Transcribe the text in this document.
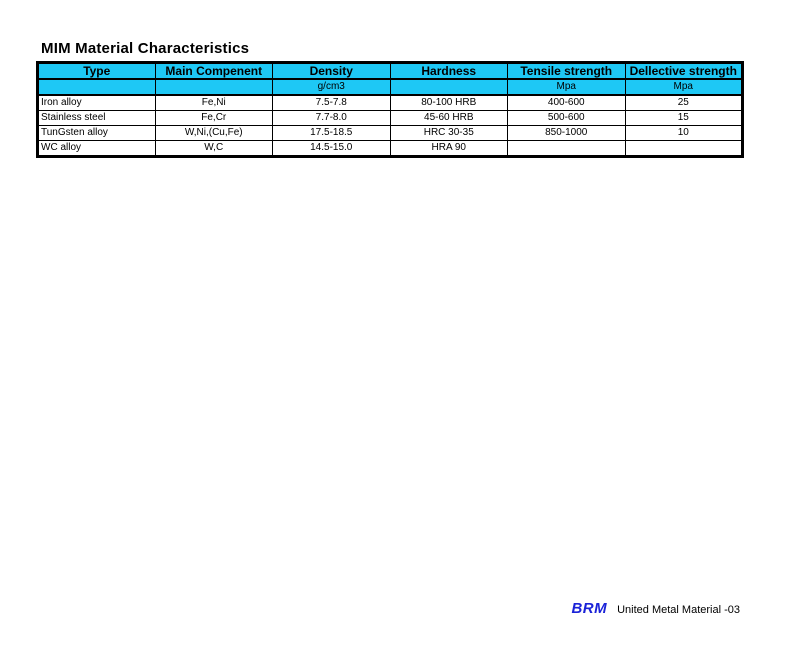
MIM Material Characteristics
Type	Main Compenent	Density	Hardness	Tensile strength	Dellective strength
		g/cm3		Mpa	Mpa
Iron alloy	Fe,Ni	7.5-7.8	80-100 HRB	400-600	25
Stainless steel	Fe,Cr	7.7-8.0	45-60 HRB	500-600	15
TunGsten alloy	W,Ni,(Cu,Fe)	17.5-18.5	HRC 30-35	850-1000	10
WC alloy	W,C	14.5-15.0	HRA 90		
BRM United Metal Material -03
